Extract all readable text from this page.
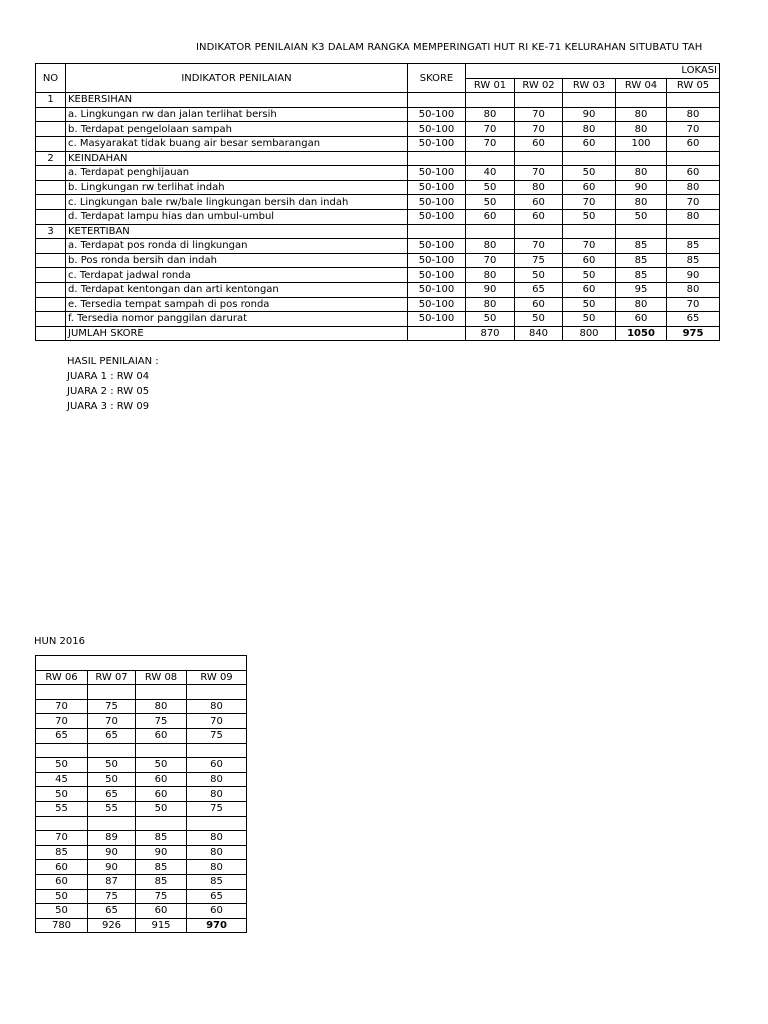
INDIKATOR PENILAIAN K3 DALAM RANGKA MEMPERINGATI HUT RI KE-71 KELURAHAN SITUBATU TAH
NO	INDIKATOR PENILAIAN	SKORE	LOKASI				
			RW 01	RW 02	RW 03	RW 04	RW 05
1	KEBERSIHAN						
	a. Lingkungan rw dan jalan terlihat bersih	50-100	80	70	90	80	80
	b. Terdapat pengelolaan sampah	50-100	70	70	80	80	70
	c. Masyarakat tidak buang air besar sembarangan	50-100	70	60	60	100	60
2	KEINDAHAN						
	a. Terdapat penghijauan	50-100	40	70	50	80	60
	b. Lingkungan rw terlihat indah	50-100	50	80	60	90	80
	c. Lingkungan bale rw/bale lingkungan bersih dan indah	50-100	50	60	70	80	70
	d. Terdapat lampu hias dan umbul-umbul	50-100	60	60	50	50	80
3	KETERTIBAN						
	a. Terdapat pos ronda di lingkungan	50-100	80	70	70	85	85
	b. Pos ronda bersih dan indah	50-100	70	75	60	85	85
	c. Terdapat jadwal ronda	50-100	80	50	50	85	90
	d. Terdapat kentongan dan arti kentongan	50-100	90	65	60	95	80
	e. Tersedia tempat sampah di pos ronda	50-100	80	60	50	80	70
	f. Tersedia nomor panggilan darurat	50-100	50	50	50	60	65
	JUMLAH SKORE		870	840	800	1050	975
HASIL PENILAIAN :
JUARA 1 : RW 04
JUARA 2 : RW 05
JUARA 3 : RW 09
HUN 2016

RW 06	RW 07	RW 08	RW 09

70	75	80	80
70	70	75	70
65	65	60	75

50	50	50	60
45	50	60	80
50	65	60	80
55	55	50	75

70	89	85	80
85	90	90	80
60	90	85	80
60	87	85	85
50	75	75	65
50	65	60	60
780	926	915	970
